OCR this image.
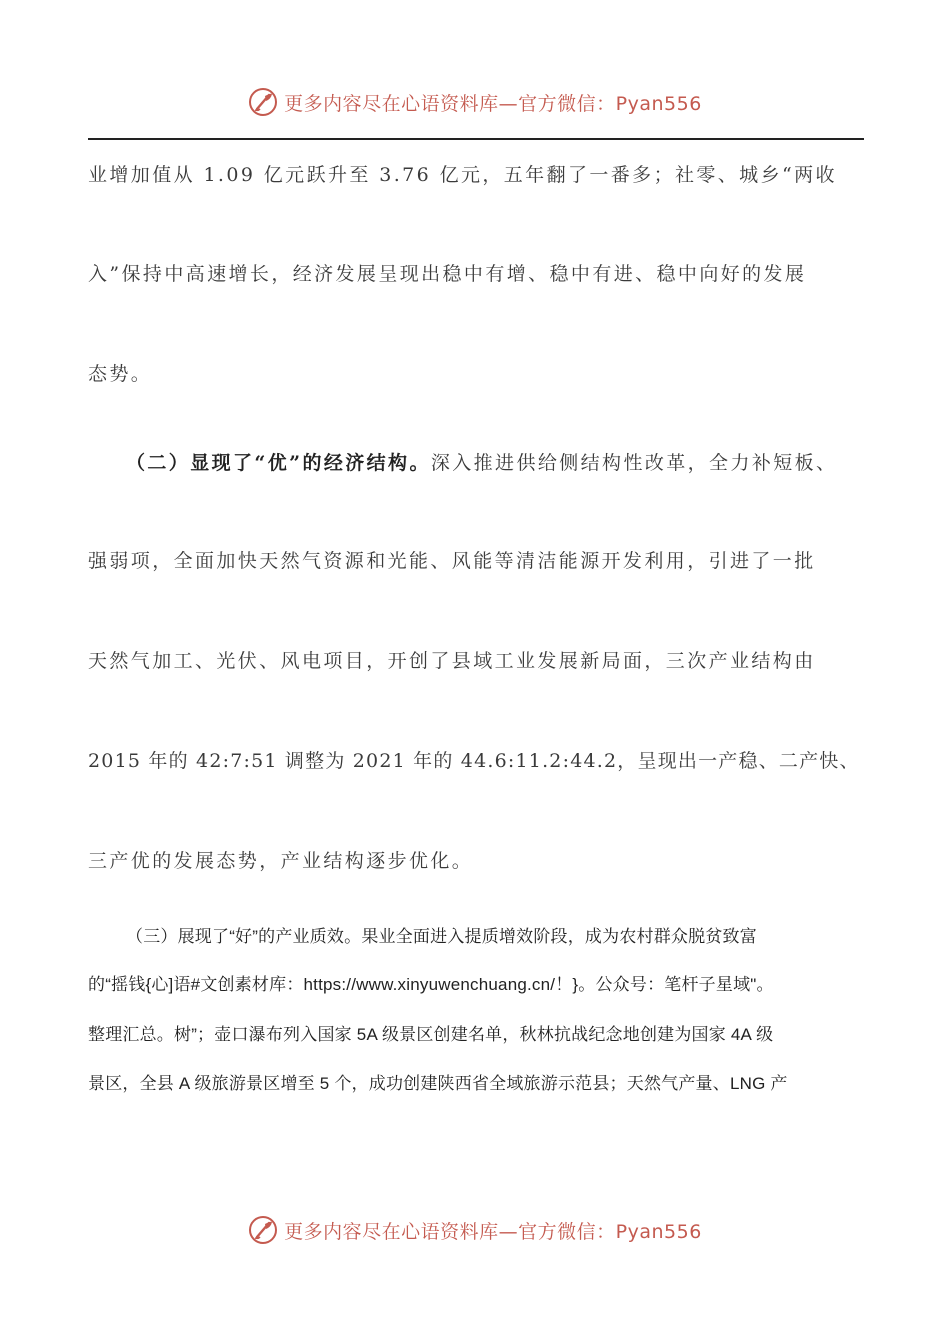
更多内容尽在心语资料库—官方微信：Pyan556

业增加值从 1.09 亿元跃升至 3.76 亿元，五年翻了一番多；社零、城乡“两收

入”保持中高速增长，经济发展呈现出稳中有增、稳中有进、稳中向好的发展

态势。

（二）显现了“优”的经济结构。深入推进供给侧结构性改革，全力补短板、

强弱项，全面加快天然气资源和光能、风能等清洁能源开发利用，引进了一批

天然气加工、光伏、风电项目，开创了县域工业发展新局面，三次产业结构由

2015 年的 42:7:51 调整为 2021 年的 44.6:11.2:44.2，呈现出一产稳、二产快、

三产优的发展态势，产业结构逐步优化。

（三）展现了“好”的产业质效。果业全面进入提质增效阶段，成为农村群众脱贫致富

的“摇钱{心]语#文创素材库：https://www.xinyuwenchuang.cn/！}。公众号：笔杆子星域"。

整理汇总。树”；壶口瀑布列入国家 5A 级景区创建名单，秋林抗战纪念地创建为国家 4A 级

景区，全县 A 级旅游景区增至 5 个，成功创建陕西省全域旅游示范县；天然气产量、LNG 产

更多内容尽在心语资料库—官方微信：Pyan556
